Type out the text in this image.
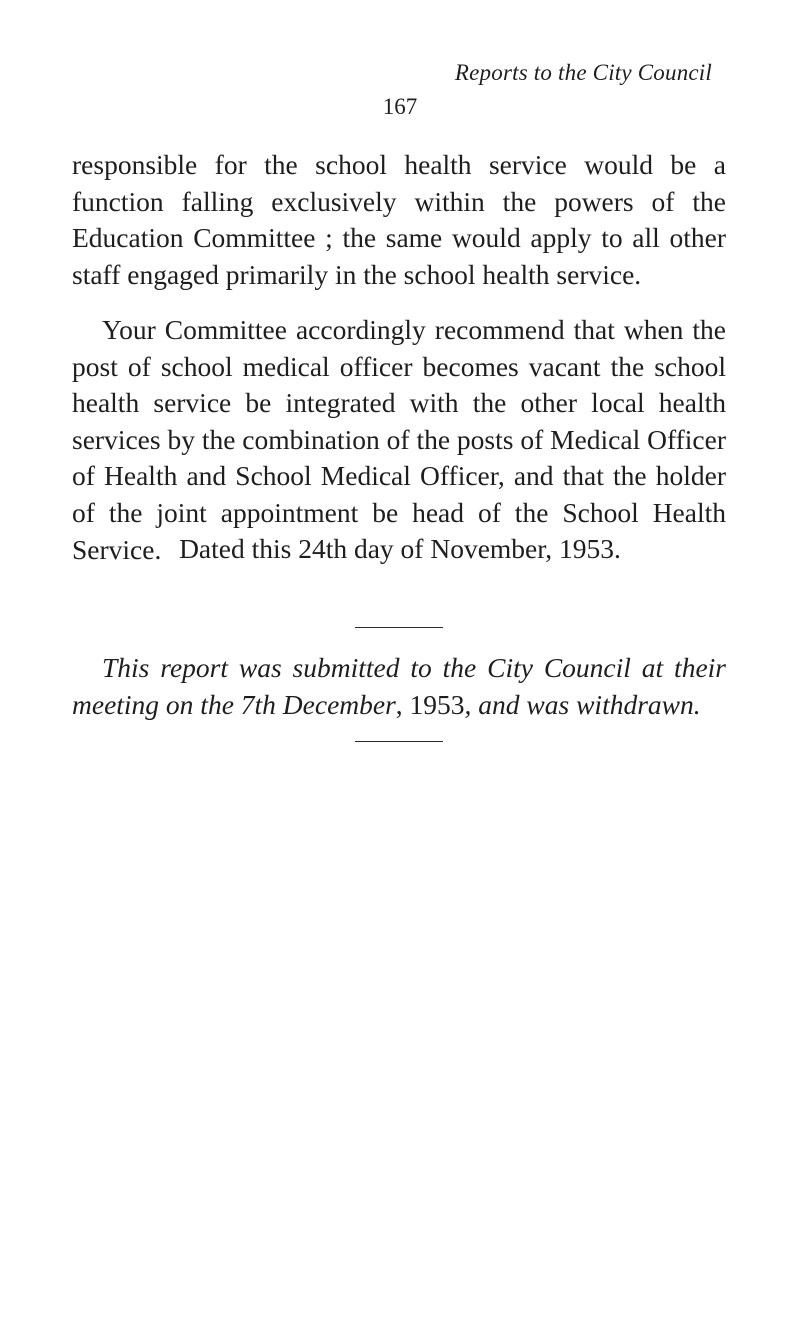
Reports to the City Council
167

responsible for the school health service would be a function falling exclusively within the powers of the Education Committee ; the same would apply to all other staff engaged primarily in the school health service.

Your Committee accordingly recommend that when the post of school medical officer becomes vacant the school health service be integrated with the other local health services by the combination of the posts of Medical Officer of Health and School Medical Officer, and that the holder of the joint appointment be head of the School Health Service. Dated this 24th day of November, 1953.

This report was submitted to the City Council at their meeting on the 7th December, 1953, and was withdrawn.
